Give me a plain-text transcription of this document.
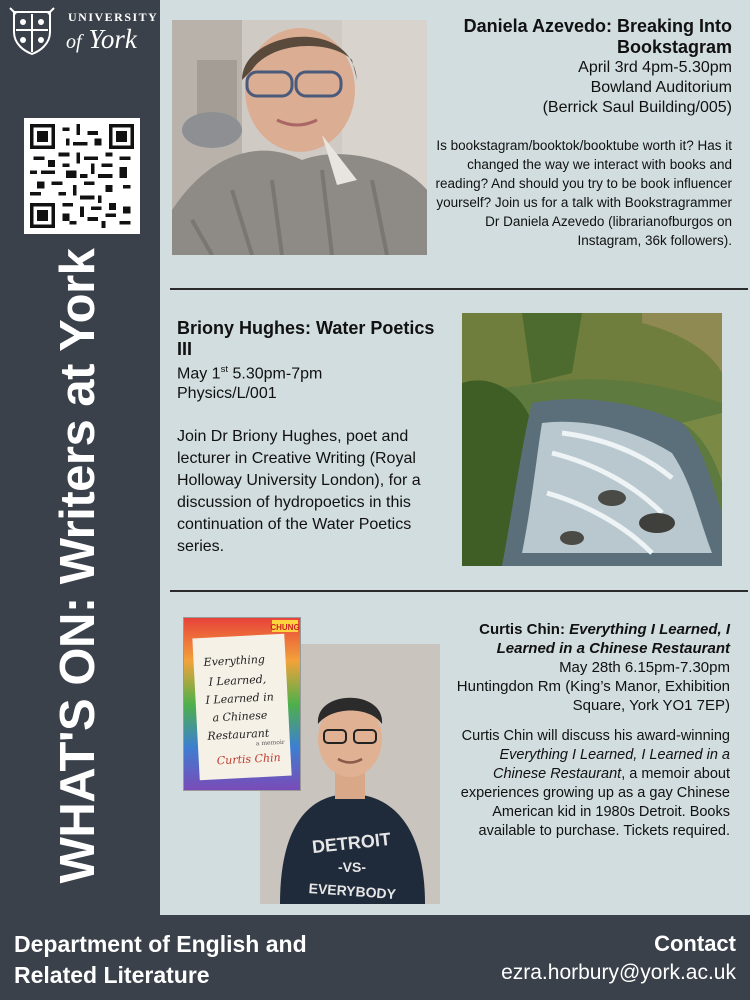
UNIVERSITY
of York
WHAT'S ON: Writers at York
Daniela Azevedo: Breaking Into Bookstagram
April 3rd 4pm-5.30pm
Bowland Auditorium
(Berrick Saul Building/005)
Is bookstagram/booktok/booktube worth it? Has it changed the way we interact with books and reading? And should you try to be book influencer yourself? Join us for a talk with Bookstragrammer Dr Daniela Azevedo (librarianofburgos on Instagram, 36k followers).
Briony Hughes: Water Poetics III
May 1st 5.30pm-7pm
Physics/L/001
Join Dr Briony Hughes, poet and lecturer in Creative Writing (Royal Holloway University London), for a discussion of hydropoetics in this continuation of the Water Poetics series.
DETROIT
-VS-
EVERYBODY
CHUNG
Everything
I Learned,
I Learned in
a Chinese
Restaurant
a memoir
Curtis Chin
Curtis Chin: Everything I Learned, I Learned in a Chinese Restaurant
May 28th 6.15pm-7.30pm
Huntingdon Rm (King’s Manor, Exhibition Square, York YO1 7EP)
Curtis Chin will discuss his award-winning Everything I Learned, I Learned in a Chinese Restaurant, a memoir about experiences growing up as a gay Chinese American kid in 1980s Detroit. Books available to purchase. Tickets required.
Department of English and Related Literature
Contact
ezra.horbury@york.ac.uk
